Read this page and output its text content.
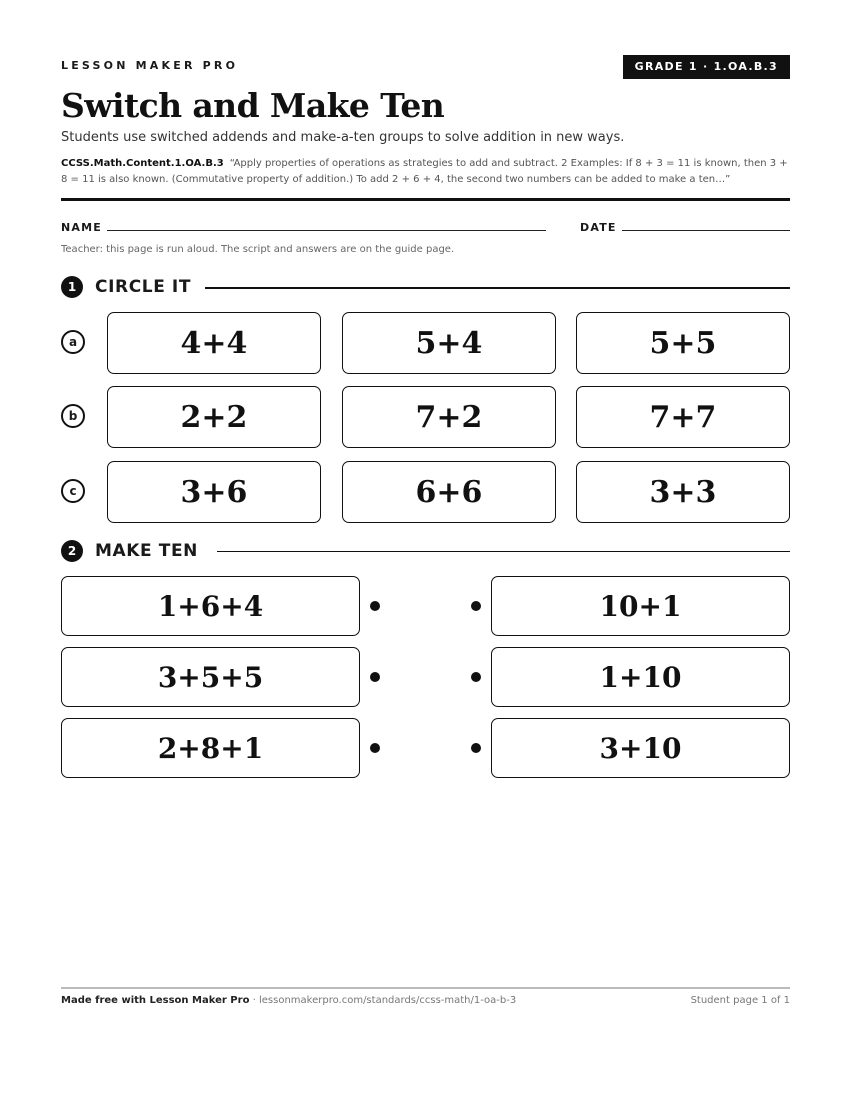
LESSON MAKER PRO	GRADE 1 · 1.OA.B.3
Switch and Make Ten
Students use switched addends and make-a-ten groups to solve addition in new ways.
CCSS.Math.Content.1.OA.B.3 “Apply properties of operations as strategies to add and subtract. 2 Examples: If 8 + 3 = 11 is known, then 3 + 8 = 11 is also known. (Commutative property of addition.) To add 2 + 6 + 4, the second two numbers can be added to make a ten…”
NAME	DATE
Teacher: this page is run aloud. The script and answers are on the guide page.
1	CIRCLE IT
a	4+4	5+4	5+5
b	2+2	7+2	7+7
c	3+6	6+6	3+3
2	MAKE TEN
1+6+4	10+1
3+5+5	1+10
2+8+1	3+10
Made free with Lesson Maker Pro · lessonmakerpro.com/standards/ccss-math/1-oa-b-3	Student page 1 of 1
